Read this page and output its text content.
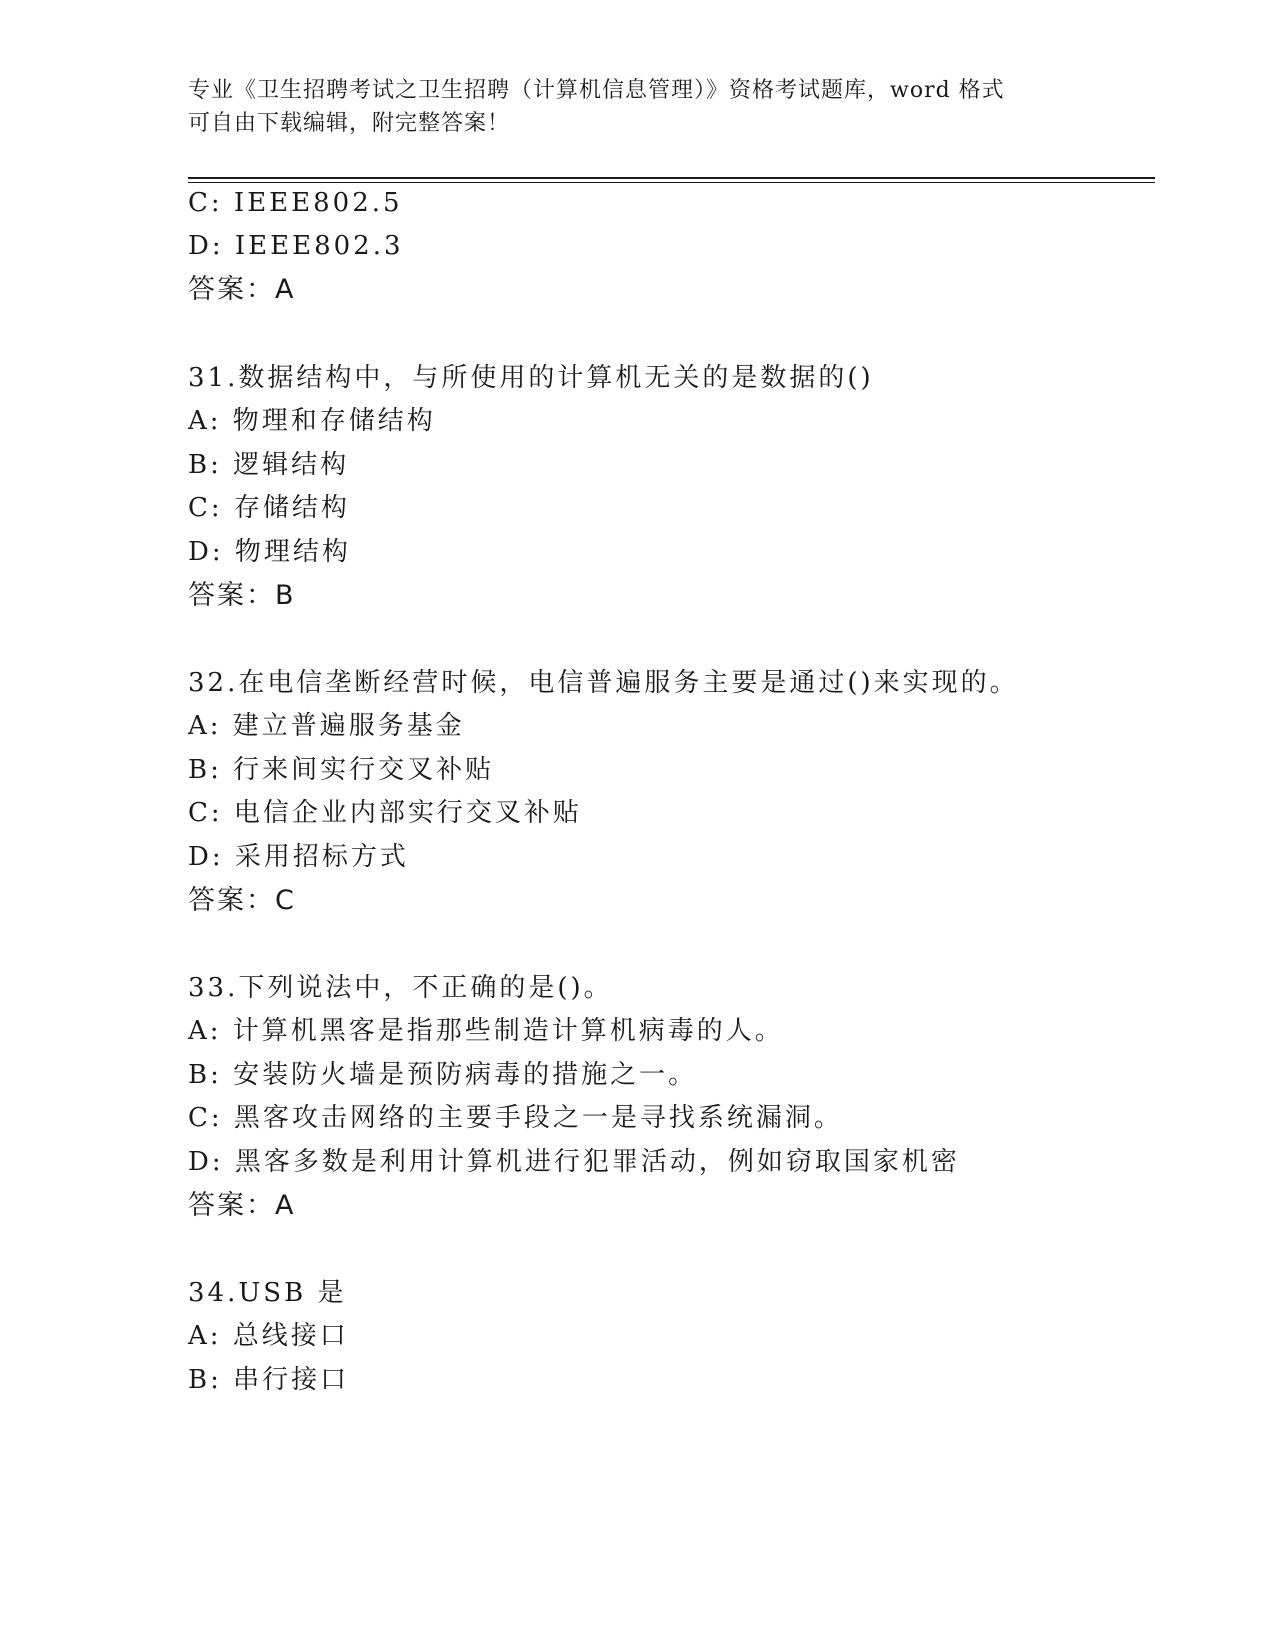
专业《卫生招聘考试之卫生招聘（计算机信息管理）》资格考试题库，word 格式
可自由下载编辑，附完整答案！
C: IEEE802.5
D: IEEE802.3
答案：A
31.数据结构中，与所使用的计算机无关的是数据的()
A: 物理和存储结构
B: 逻辑结构
C: 存储结构
D: 物理结构
答案：B
32.在电信垄断经营时候，电信普遍服务主要是通过()来实现的。
A: 建立普遍服务基金
B: 行来间实行交叉补贴
C: 电信企业内部实行交叉补贴
D: 采用招标方式
答案：C
33.下列说法中，不正确的是()。
A: 计算机黑客是指那些制造计算机病毒的人。
B: 安装防火墙是预防病毒的措施之一。
C: 黑客攻击网络的主要手段之一是寻找系统漏洞。
D: 黑客多数是利用计算机进行犯罪活动，例如窃取国家机密
答案：A
34.USB 是
A: 总线接口
B: 串行接口
